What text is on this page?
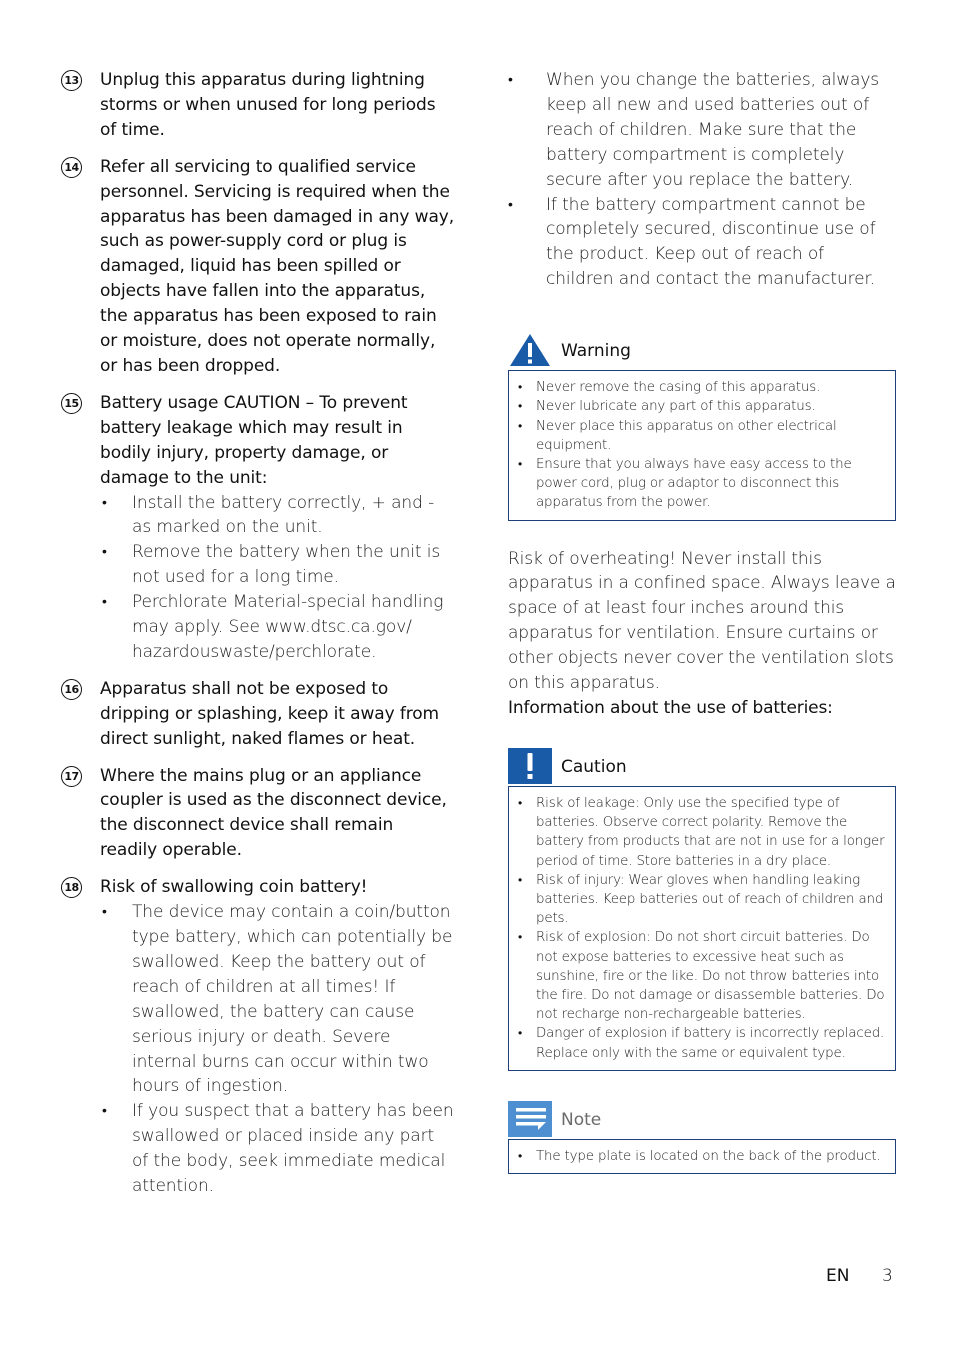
13 Unplug this apparatus during lightning storms or when unused for long periods of time.
14 Refer all servicing to qualified service personnel. Servicing is required when the apparatus has been damaged in any way, such as power-supply cord or plug is damaged, liquid has been spilled or objects have fallen into the apparatus, the apparatus has been exposed to rain or moisture, does not operate normally, or has been dropped.
15 Battery usage CAUTION – To prevent battery leakage which may result in bodily injury, property damage, or damage to the unit:
• Install the battery correctly, + and - as marked on the unit.
• Remove the battery when the unit is not used for a long time.
• Perchlorate Material-special handling may apply. See www.dtsc.ca.gov/ hazardouswaste/perchlorate.
16 Apparatus shall not be exposed to dripping or splashing, keep it away from direct sunlight, naked flames or heat.
17 Where the mains plug or an appliance coupler is used as the disconnect device, the disconnect device shall remain readily operable.
18 Risk of swallowing coin battery!
• The device may contain a coin/button type battery, which can potentially be swallowed. Keep the battery out of reach of children at all times! If swallowed, the battery can cause serious injury or death. Severe internal burns can occur within two hours of ingestion.
• If you suspect that a battery has been swallowed or placed inside any part of the body, seek immediate medical attention.
• When you change the batteries, always keep all new and used batteries out of reach of children. Make sure that the battery compartment is completely secure after you replace the battery.
• If the battery compartment cannot be completely secured, discontinue use of the product. Keep out of reach of children and contact the manufacturer.
Warning
• Never remove the casing of this apparatus.
• Never lubricate any part of this apparatus.
• Never place this apparatus on other electrical equipment.
• Ensure that you always have easy access to the power cord, plug or adaptor to disconnect this apparatus from the power.

Risk of overheating! Never install this apparatus in a confined space. Always leave a space of at least four inches around this apparatus for ventilation. Ensure curtains or other objects never cover the ventilation slots on this apparatus.

Information about the use of batteries:

Caution
• Risk of leakage: Only use the specified type of batteries. Observe correct polarity. Remove the battery from products that are not in use for a longer period of time. Store batteries in a dry place.
• Risk of injury: Wear gloves when handling leaking batteries. Keep batteries out of reach of children and pets.
• Risk of explosion: Do not short circuit batteries. Do not expose batteries to excessive heat such as sunshine, fire or the like. Do not throw batteries into the fire. Do not damage or disassemble batteries. Do not recharge non-rechargeable batteries.
• Danger of explosion if battery is incorrectly replaced. Replace only with the same or equivalent type.
Note
• The type plate is located on the back of the product.
EN 3
